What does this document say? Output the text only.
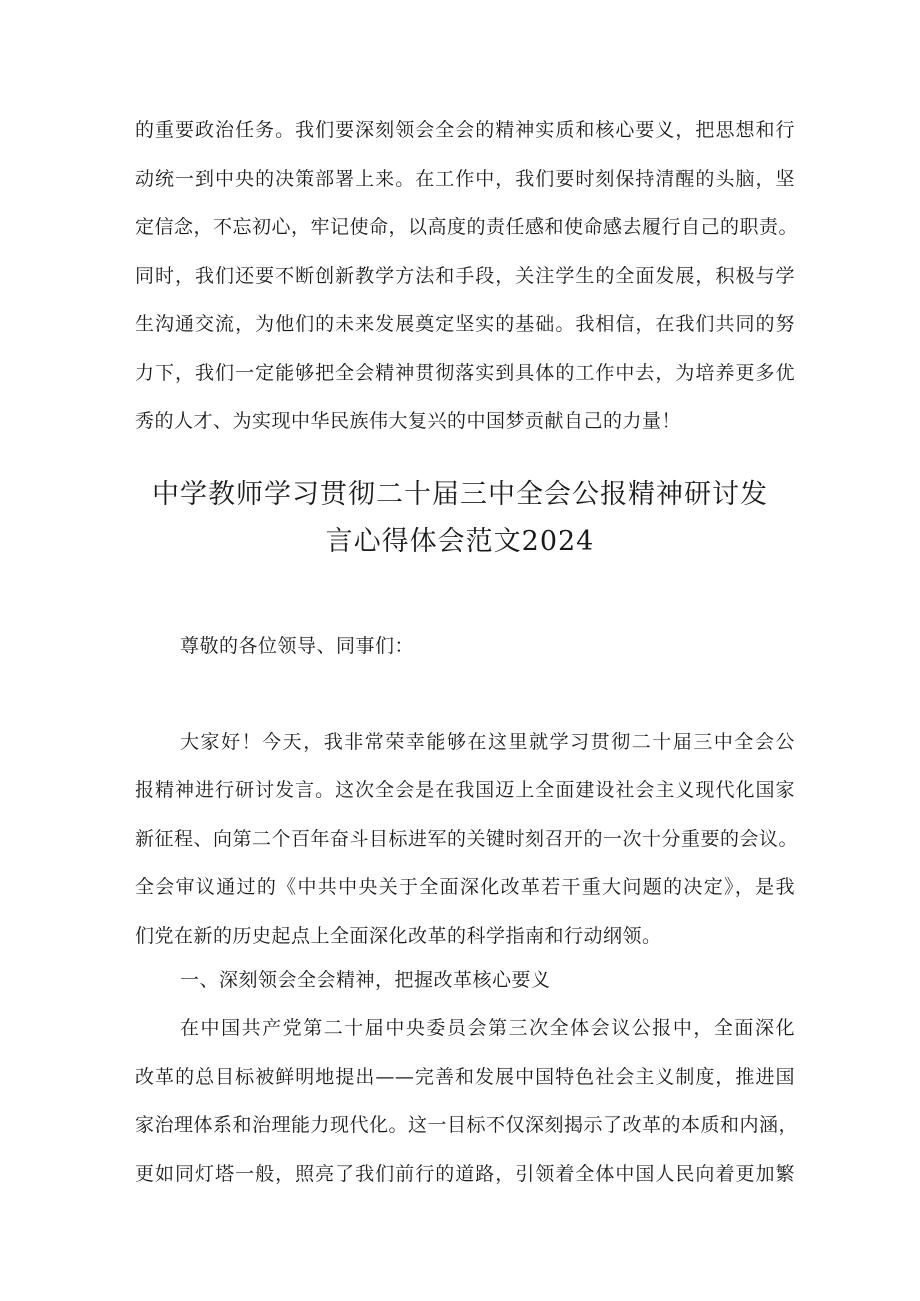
的重要政治任务。我们要深刻领会全会的精神实质和核心要义，把思想和行
动统一到中央的决策部署上来。在工作中，我们要时刻保持清醒的头脑，坚
定信念，不忘初心，牢记使命，以高度的责任感和使命感去履行自己的职责。
同时，我们还要不断创新教学方法和手段，关注学生的全面发展，积极与学
生沟通交流，为他们的未来发展奠定坚实的基础。我相信，在我们共同的努
力下，我们一定能够把全会精神贯彻落实到具体的工作中去，为培养更多优
秀的人才、为实现中华民族伟大复兴的中国梦贡献自己的力量！
中学教师学习贯彻二十届三中全会公报精神研讨发
言心得体会范文2024
尊敬的各位领导、同事们：
大家好！今天，我非常荣幸能够在这里就学习贯彻二十届三中全会公
报精神进行研讨发言。这次全会是在我国迈上全面建设社会主义现代化国家
新征程、向第二个百年奋斗目标进军的关键时刻召开的一次十分重要的会议。
全会审议通过的《中共中央关于全面深化改革若干重大问题的决定》，是我
们党在新的历史起点上全面深化改革的科学指南和行动纲领。
一、深刻领会全会精神，把握改革核心要义
在中国共产党第二十届中央委员会第三次全体会议公报中，全面深化
改革的总目标被鲜明地提出——完善和发展中国特色社会主义制度，推进国
家治理体系和治理能力现代化。这一目标不仅深刻揭示了改革的本质和内涵，
更如同灯塔一般，照亮了我们前行的道路，引领着全体中国人民向着更加繁
